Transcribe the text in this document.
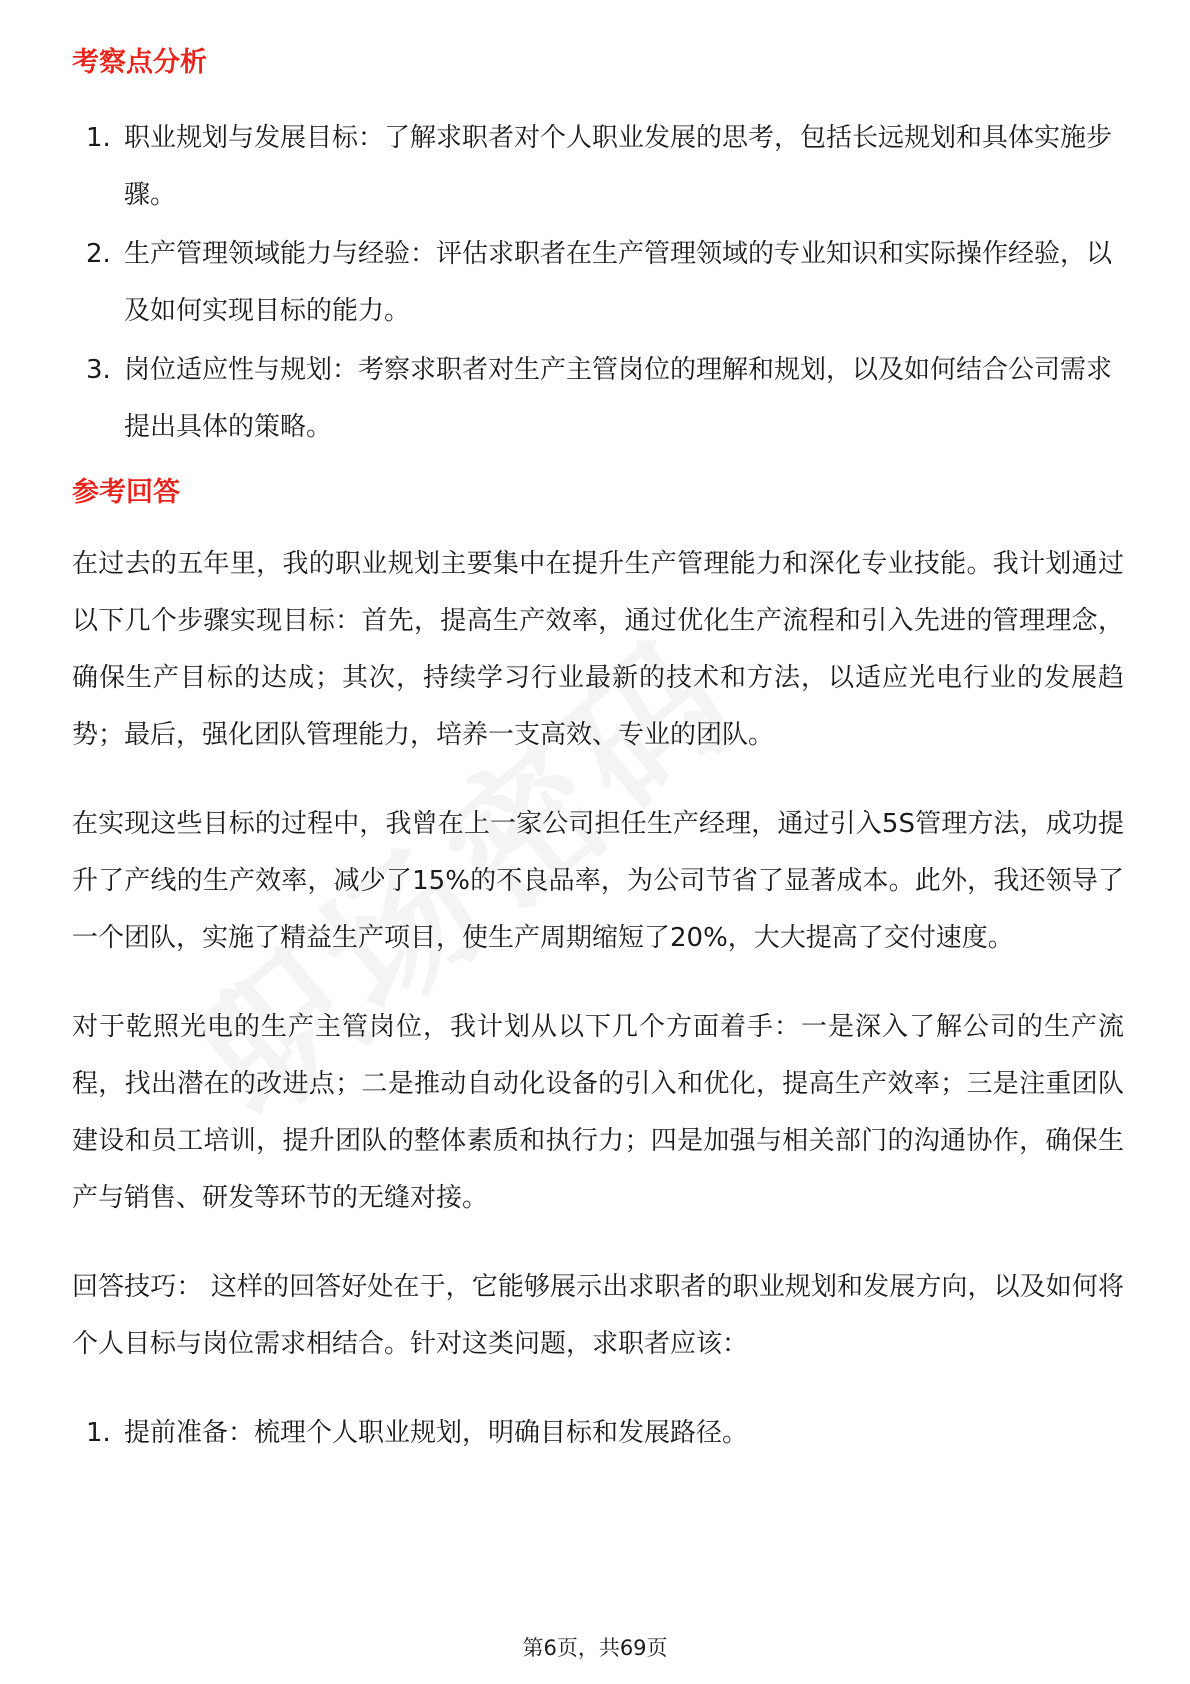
考察点分析
1. 职业规划与发展目标：了解求职者对个人职业发展的思考，包括长远规划和具体实施步骤。
2. 生产管理领域能力与经验：评估求职者在生产管理领域的专业知识和实际操作经验，以及如何实现目标的能力。
3. 岗位适应性与规划：考察求职者对生产主管岗位的理解和规划，以及如何结合公司需求提出具体的策略。
参考回答

在过去的五年里，我的职业规划主要集中在提升生产管理能力和深化专业技能。我计划通过以下几个步骤实现目标：首先，提高生产效率，通过优化生产流程和引入先进的管理理念，确保生产目标的达成；其次，持续学习行业最新的技术和方法，以适应光电行业的发展趋势；最后，强化团队管理能力，培养一支高效、专业的团队。

在实现这些目标的过程中，我曾在上一家公司担任生产经理，通过引入5S管理方法，成功提升了产线的生产效率，减少了15%的不良品率，为公司节省了显著成本。此外，我还领导了一个团队，实施了精益生产项目，使生产周期缩短了20%，大大提高了交付速度。

对于乾照光电的生产主管岗位，我计划从以下几个方面着手：一是深入了解公司的生产流程，找出潜在的改进点；二是推动自动化设备的引入和优化，提高生产效率；三是注重团队建设和员工培训，提升团队的整体素质和执行力；四是加强与相关部门的沟通协作，确保生产与销售、研发等环节的无缝对接。

回答技巧： 这样的回答好处在于，它能够展示出求职者的职业规划和发展方向，以及如何将个人目标与岗位需求相结合。针对这类问题，求职者应该：

1. 提前准备：梳理个人职业规划，明确目标和发展路径。
第6页，共69页
